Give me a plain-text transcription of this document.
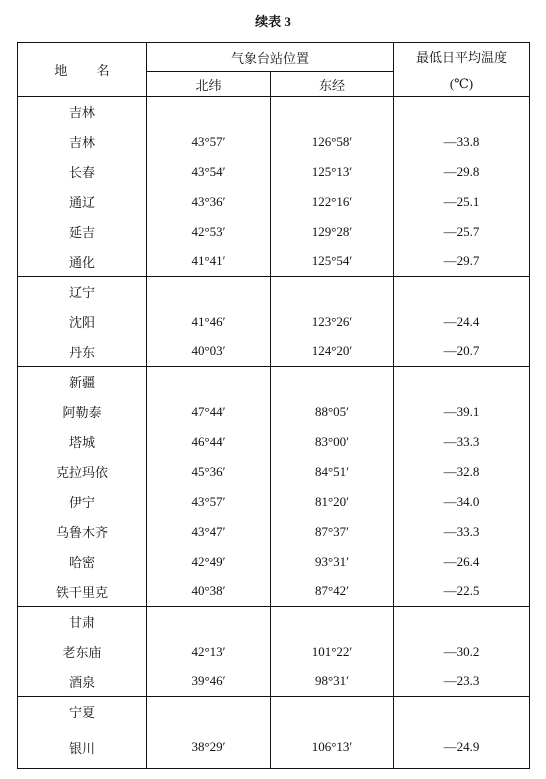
续表 3
地 名	气象台站位置		最低日平均温度
(℃)

	北纬	东经	
吉林			
吉林	43°57′	126°58′	—33.8
长春	43°54′	125°13′	—29.8
通辽	43°36′	122°16′	—25.1
延吉	42°53′	129°28′	—25.7
通化	41°41′	125°54′	—29.7
辽宁			
沈阳	41°46′	123°26′	—24.4
丹东	40°03′	124°20′	—20.7
新疆			
阿勒泰	47°44′	88°05′	—39.1
塔城	46°44′	83°00′	—33.3
克拉玛依	45°36′	84°51′	—32.8
伊宁	43°57′	81°20′	—34.0
乌鲁木齐	43°47′	87°37′	—33.3
哈密	42°49′	93°31′	—26.4
铁干里克	40°38′	87°42′	—22.5
甘肃			
老东庙	42°13′	101°22′	—30.2
酒泉	39°46′	98°31′	—23.3
宁夏			
银川	38°29′	106°13′	—24.9
